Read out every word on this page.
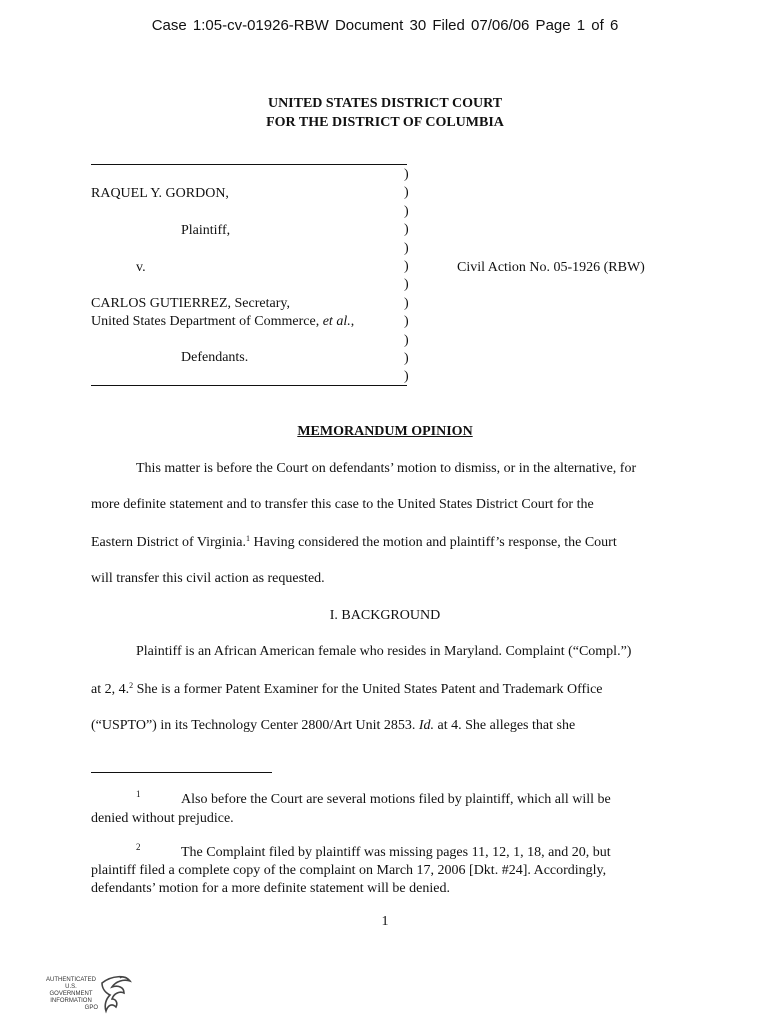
Case 1:05-cv-01926-RBW Document 30 Filed 07/06/06 Page 1 of 6
UNITED STATES DISTRICT COURT
FOR THE DISTRICT OF COLUMBIA
RAQUEL Y. GORDON,
Plaintiff,
v.
CARLOS GUTIERREZ, Secretary,
United States Department of Commerce, et al.,
Defendants.
)
)
)
)
)
)
)
)
)
)
)
)
Civil Action No. 05-1926 (RBW)
MEMORANDUM OPINION
This matter is before the Court on defendants’ motion to dismiss, or in the alternative, for
more definite statement and to transfer this case to the United States District Court for the
Eastern District of Virginia.$^1$ Having considered the motion and plaintiff’s response, the Court
will transfer this civil action as requested.
I. BACKGROUND
Plaintiff is an African American female who resides in Maryland. Complaint (“Compl.”)
at 2, 4.$^2$ She is a former Patent Examiner for the United States Patent and Trademark Office
(“USPTO”) in its Technology Center 2800/Art Unit 2853. Id. at 4. She alleges that she
1	Also before the Court are several motions filed by plaintiff, which all will be
denied without prejudice.
2	The Complaint filed by plaintiff was missing pages 11, 12, 1, 18, and 20, but
plaintiff filed a complete copy of the complaint on March 17, 2006 [Dkt. #24]. Accordingly,
defendants’ motion for a more definite statement will be denied.
1
AUTHENTICATED
U.S. GOVERNMENT
INFORMATION
GPO
